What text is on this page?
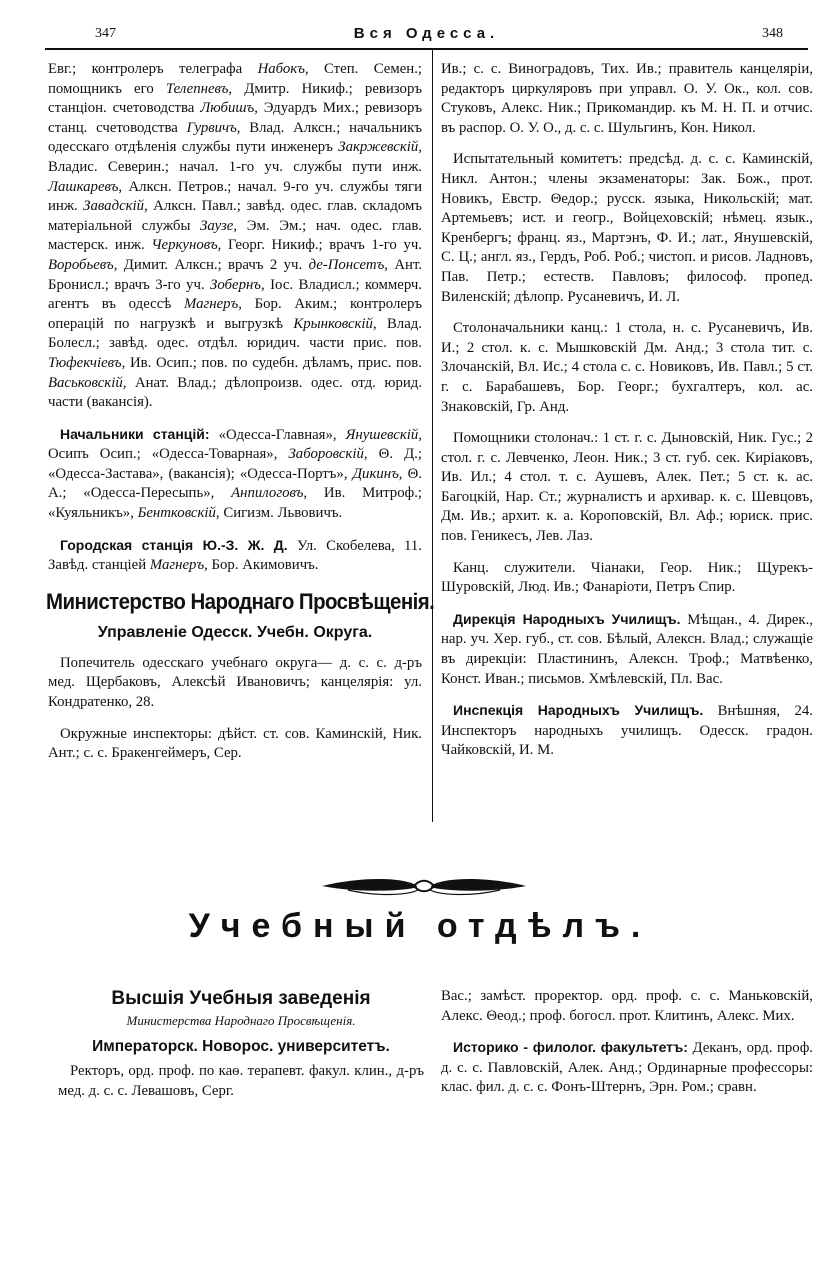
347	Вся Одесса.	348

Евг.; контролеръ телеграфа Набокъ, Степ. Семен.; помощникъ его Телепневъ, Дмитр. Никиф.; ревизоръ станціон. счетоводства Любишъ, Эдуардъ Мих.; ревизоръ станц. счетоводства Гурвичъ, Влад. Алксн.; начальникъ одесскаго отдѣленія службы пути инженеръ Закржевскій, Владис. Северин.; начал. 1-го уч. службы пути инж. Лашкаревъ, Алксн. Петров.; начал. 9-го уч. службы тяги инж. Завадскій, Алксн. Павл.; завѣд. одес. глав. складомъ матеріальной службы Заузе, Эм. Эм.; нач. одес. глав. мастерск. инж. Черкуновъ, Георг. Никиф.; врачъ 1-го уч. Воробьевъ, Димит. Алксн.; врачъ 2 уч. де-Понсетъ, Ант. Бронисл.; врачъ 3-го уч. Зобернъ, Іос. Владисл.; коммерч. агентъ въ одессѣ Магнеръ, Бор. Аким.; контролеръ операцій по нагрузкѣ и выгрузкѣ Крынковскій, Влад. Болесл.; завѣд. одес. отдѣл. юридич. части прис. пов. Тюфекчіевъ, Ив. Осип.; пов. по судебн. дѣламъ, прис. пов. Васьковскій, Анат. Влад.; дѣлопроизв. одес. отд. юрид. части (вакансія).

Начальники станцій: «Одесса-Главная», Янушевскій, Осипъ Осип.; «Одесса-Товарная», Заборовскій, Θ. Д.; «Одесса-Застава», (вакансія); «Одесса-Портъ», Дикинъ, Θ. А.; «Одесса-Пересыпь», Анпилоговъ, Ив. Митроф.; «Куяльникъ», Бентковскій, Сигизм. Львовичъ.

Городская станція Ю.-З. Ж. Д. Ул. Скобелева, 11. Завѣд. станціей Магнеръ, Бор. Акимовичъ.

Министерство Народнаго Просвѣщенія.
Управленіе Одесск. Учебн. Округа.

Попечитель одесскаго учебнаго округа— д. с. с. д-ръ мед. Щербаковъ, Алексѣй Ивановичъ; канцелярія: ул. Кондратенко, 28.

Окружные инспекторы: дѣйст. ст. сов. Каминскій, Ник. Ант.; с. с. Бракенгеймеръ, Сер.

Ив.; с. с. Виноградовъ, Тих. Ив.; правитель канцеляріи, редакторъ циркуляровъ при управл. О. У. Ок., кол. сов. Стуковъ, Алекс. Ник.; Прикомандир. къ М. Н. П. и отчис. въ распор. О. У. О., д. с. с. Шульгинъ, Кон. Никол.

Испытательный комитетъ: предсѣд. д. с. с. Каминскій, Никл. Антон.; члены экзаменаторы: Зак. Бож., прот. Новикъ, Евстр. Θедор.; русск. языка, Никольскій; мат. Артемьевъ; ист. и геогр., Войцеховскій; нѣмец. язык., Кренбергъ; франц. яз., Мартэнъ, Ф. И.; лат., Янушевскій, С. Ц.; англ. яз., Гердъ, Роб. Роб.; чистоп. и рисов. Ладновъ, Пав. Петр.; естеств. Павловъ; философ. пропед. Виленскій; дѣлопр. Русаневичъ, И. Л.

Столоначальники канц.: 1 стола, н. с. Русаневичъ, Ив. И.; 2 стол. к. с. Мышковскій Дм. Анд.; 3 стола тит. с. Злочанскій, Вл. Ис.; 4 стола с. с. Новиковъ, Ив. Павл.; 5 ст. г. с. Барабашевъ, Бор. Георг.; бухгалтеръ, кол. ас. Знаковскій, Гр. Анд.

Помощники столонач.: 1 ст. г. с. Дыновскій, Ник. Гус.; 2 стол. г. с. Левченко, Леон. Ник.; 3 ст. губ. сек. Киріаковъ, Ив. Ил.; 4 стол. т. с. Аушевъ, Алек. Пет.; 5 ст. к. ас. Багоцкій, Нар. Ст.; журналистъ и архивар. к. с. Шевцовъ, Дм. Ив.; архит. к. а. Короповскій, Вл. Аф.; юриск. прис. пов. Геникесъ, Лев. Лаз.

Канц. служители. Чіанаки, Геор. Ник.; Щурекъ-Шуровскій, Люд. Ив.; Фанаріоти, Петръ Спир.

Дирекція Народныхъ Училищъ. Мѣщан., 4. Дирек., нар. уч. Хер. губ., ст. сов. Бѣлый, Алексн. Влад.; служащіе въ дирекціи: Пластининъ, Алексн. Троф.; Матвѣенко, Конст. Иван.; письмов. Хмѣлевскій, Пл. Вас.

Инспекція Народныхъ Училищъ. Внѣшняя, 24. Инспекторъ народныхъ училищъ. Одесск. градон. Чайковскій, И. М.

Учебный отдѣлъ.
Высшія Учебныя заведенія
Министерства Народнаго Просвѣщенія.
Императорск. Новорос. университетъ.

Ректоръ, орд. проф. по каѳ. терапевт. факул. клин., д-ръ мед. д. с. с. Левашовъ, Серг.

Вас.; замѣст. проректор. орд. проф. с. с. Маньковскій, Алекс. Θеод.; проф. богосл. прот. Клитинъ, Алекс. Мих.

Историко - филолог. факультетъ: Деканъ, орд. проф. д. с. с. Павловскій, Алек. Анд.; Ординарные профессоры: клас. фил. д. с. с. Фонъ-Штернъ, Эрн. Ром.; сравн.
